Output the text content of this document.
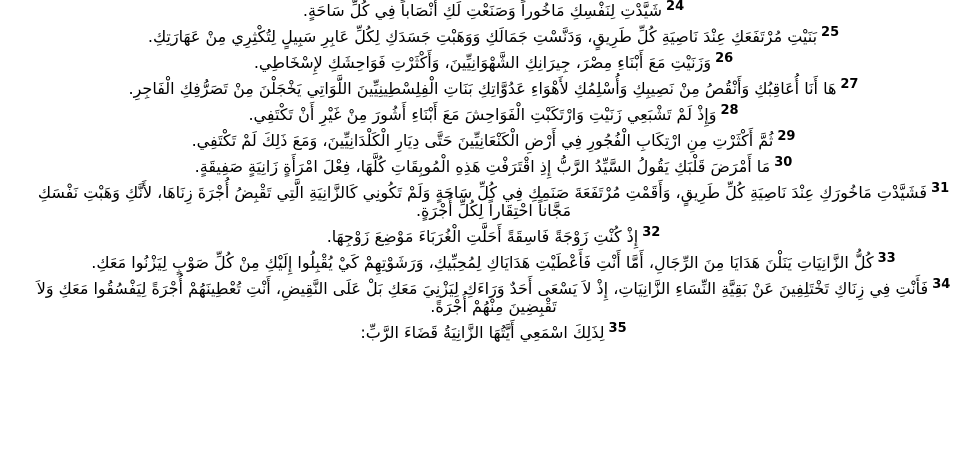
$^{24}$شَيَّدْتِ لِنَفْسِكِ مَاخُوراً وَصَنَعْتِ لَكِ أَنْصَاباً فِي كُلِّ سَاحَةٍ.

$^{25}$بَنَيْتِ مُرْتَفَعَكِ عِنْدَ نَاصِيَةِ كُلِّ طَرِيقٍ، وَدَنَّسْتِ جَمَالَكِ وَوَهَبْتِ جَسَدَكِ لِكُلِّ عَابِرِ سَبِيلٍ لِتُكْثِرِي مِنْ عَهَارَتِكِ.

$^{26}$وَزَنَيْتِ مَعَ أَبْنَاءِ مِصْرَ، جِيرَانِكِ الشَّهْوَانِيِّينَ، وَأَكْثَرْتِ فَوَاحِشَكِ لإِسْخَاطِي.

$^{27}$هَا أَنَا أُعَاقِبُكِ وَأَنْقُصُ مِنْ نَصِيبِكِ وَأُسْلِمُكِ لأَهْوَاءِ عَدُوَّاتِكِ بَنَاتِ الْفِلِسْطِينِيِّينَ اللَّوَاتِي يَخْجَلْنَ مِنْ تَصَرُّفِكِ الْفَاجِرِ.

$^{28}$وَإِذْ لَمْ تَشْبَعِي زَنَيْتِ وَارْتَكَبْتِ الْفَوَاحِشَ مَعَ أَبْنَاءِ أَشُورَ مِنْ غَيْرِ أَنْ تَكْتَفِي.

$^{29}$ثُمَّ أَكْثَرْتِ مِنِ ارْتِكَابِ الْفُجُورِ فِي أَرْضِ الْكَنْعَانِيِّينَ حَتَّى دِيَارِ الْكَلْدَانِيِّينَ، وَمَعَ ذَلِكَ لَمْ تَكْتَفِي.

$^{30}$مَا أَمْرَضَ قَلْبَكِ يَقُولُ السَّيِّدُ الرَّبُّ إِذِ اقْتَرَفْتِ هَذِهِ الْمُوبِقَاتِ كُلَّهَا، فِعْلَ امْرَأَةٍ زَانِيَةٍ صَفِيقَةٍ.

$^{31}$فَشَيَّدْتِ مَاخُورَكِ عِنْدَ نَاصِيَةِ كُلِّ طَرِيقٍ، وَأَقَمْتِ مُرْتَفَعَةَ صَنَمِكِ فِي كُلِّ سَاحَةٍ وَلَمْ تَكُونِي كَالزَّانِيَةِ الَّتِي تَقْبِضُ أُجْرَةَ زِنَاهَا، لأَنَّكِ وَهَبْتِ نَفْسَكِ مَجَّاناً احْتِقَاراً لِكُلِّ أُجْرَةٍ.

$^{32}$إِذْ كُنْتِ زَوْجَةً فَاسِقَةً أَحَلَّتِ الْغُرَبَاءَ مَوْضِعَ زَوْجِهَا.

$^{33}$كُلُّ الزَّانِيَاتِ يَنَلْنَ هَدَايَا مِنَ الرِّجَالِ، أَمَّا أَنْتِ فَأَعْطَيْتِ هَدَايَاكِ لِمُحِبِّيكِ، وَرَشَوْتِهِمْ كَيْ يُقْبِلُوا إِلَيْكِ مِنْ كُلِّ صَوْبٍ لِيَزْنُوا مَعَكِ.

$^{34}$فَأَنْتِ فِي زِنَاكِ تَخْتَلِفِينَ عَنْ بَقِيَّةِ النِّسَاءِ الزَّانِيَاتِ، إِذْ لاَ يَسْعَى أَحَدٌ وَرَاءَكِ لِيَزْنِيَ مَعَكِ بَلْ عَلَى النَّقِيضِ، أَنْتِ تُعْطِينَهُمْ أُجْرَةً لِيَفْسُقُوا مَعَكِ وَلاَ تَقْبِضِينَ مِنْهُمْ أُجْرَةً.

$^{35}$لِذَلِكَ اسْمَعِي أَيَّتُهَا الزَّانِيَةُ قَضَاءَ الرَّبِّ:
